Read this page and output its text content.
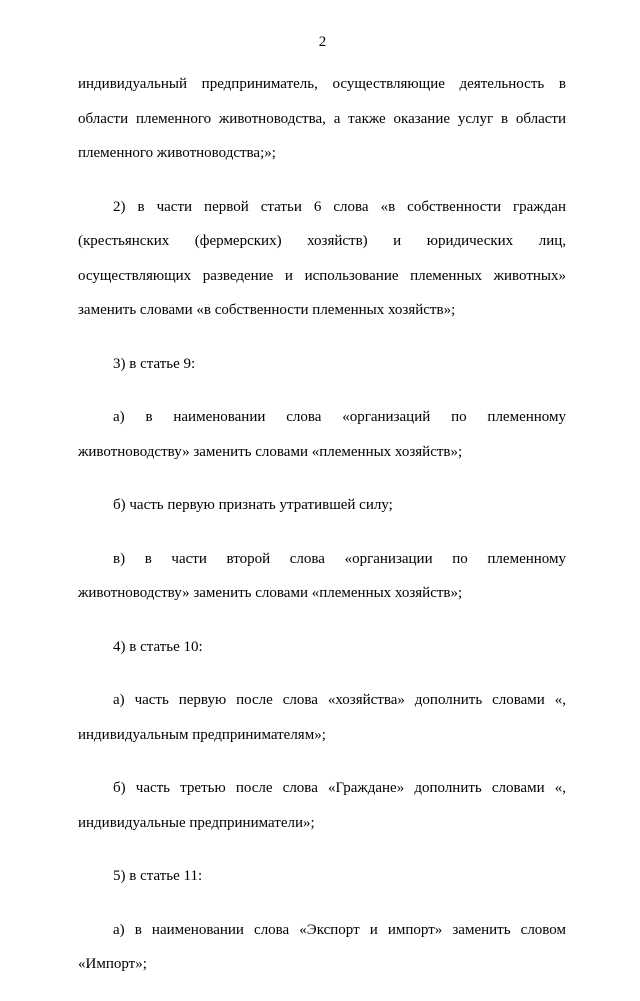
2

индивидуальный предприниматель, осуществляющие деятельность в области племенного животноводства, а также оказание услуг в области племенного животноводства;»;

2) в части первой статьи 6 слова «в собственности граждан (крестьянских (фермерских) хозяйств) и юридических лиц, осуществляющих разведение и использование племенных животных» заменить словами «в собственности племенных хозяйств»;

3) в статье 9:

а) в наименовании слова «организаций по племенному животноводству» заменить словами «племенных хозяйств»;

б) часть первую признать утратившей силу;

в) в части второй слова «организации по племенному животноводству» заменить словами «племенных хозяйств»;

4) в статье 10:

а) часть первую после слова «хозяйства» дополнить словами «, индивидуальным предпринимателям»;

б) часть третью после слова «Граждане» дополнить словами «, индивидуальные предприниматели»;

5) в статье 11:

а) в наименовании слова «Экспорт и импорт» заменить словом «Импорт»;
